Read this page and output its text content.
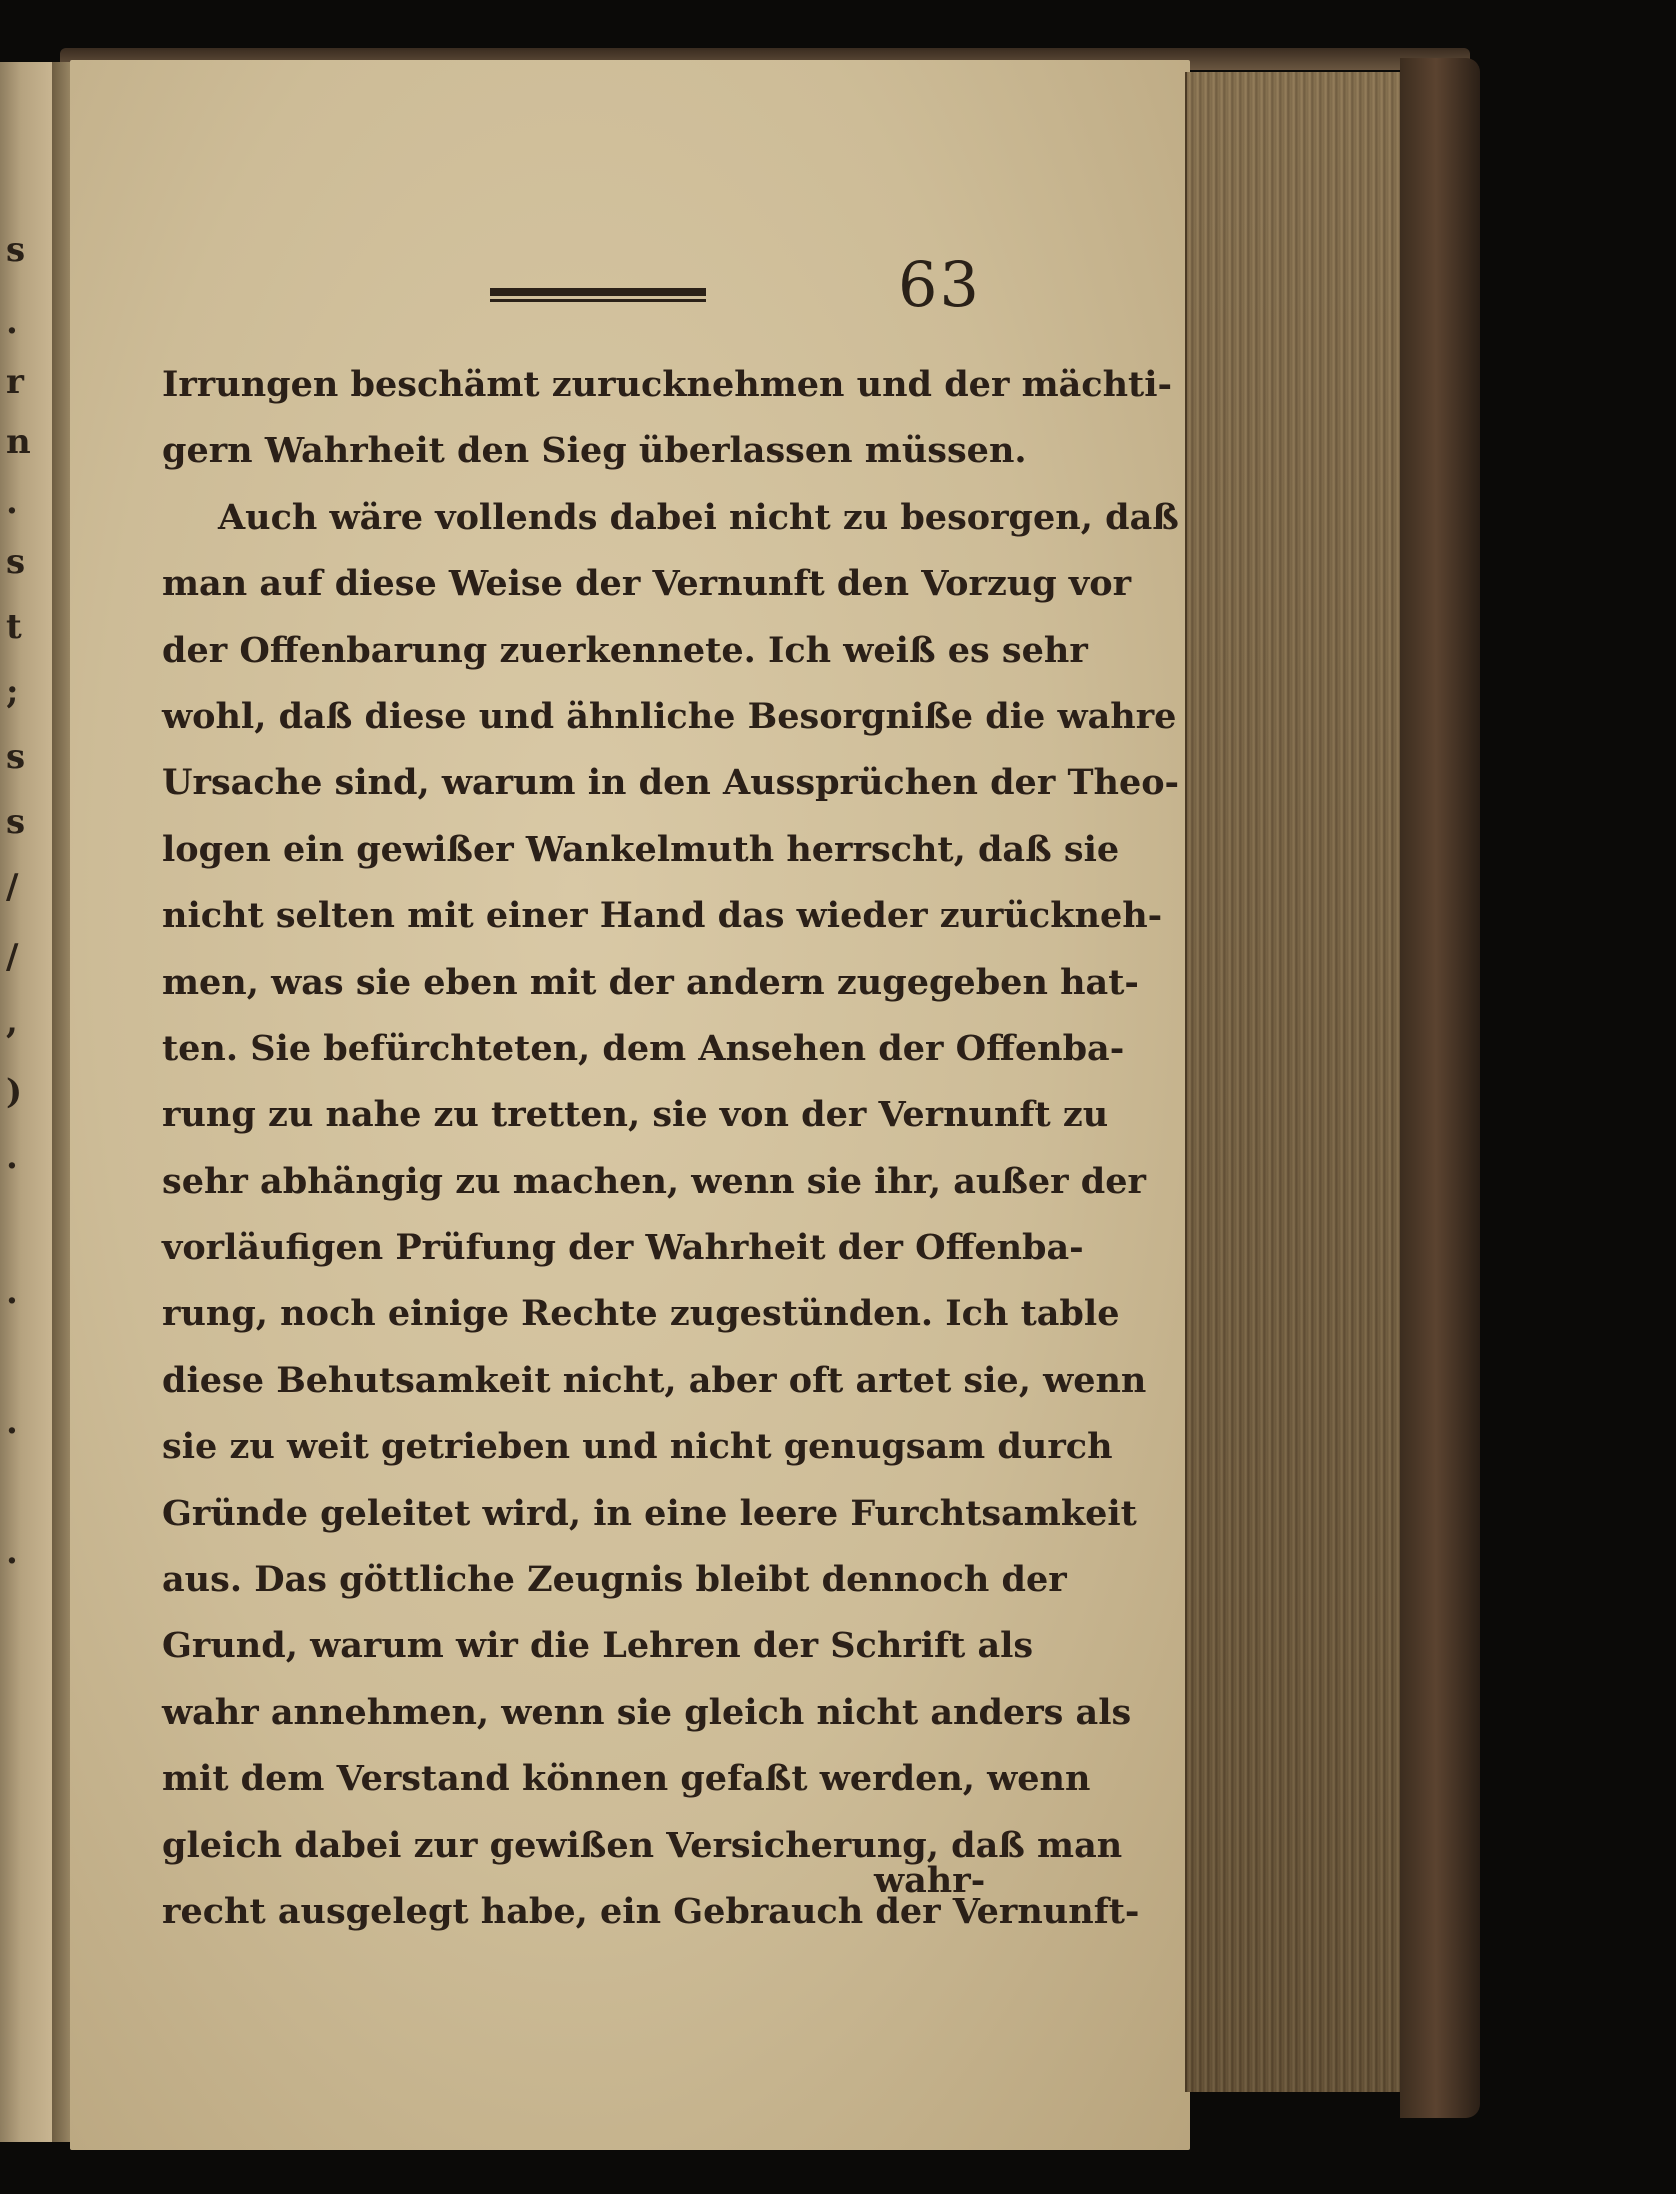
s
.
r
n
.
s
t
;
s
s
/
/
,
)
.
.
.
.
63
Irrungen beschämt zurucknehmen und der mächti-
gern Wahrheit den Sieg überlassen müssen.
Auch wäre vollends dabei nicht zu besorgen, daß
man auf diese Weise der Vernunft den Vorzug vor
der Offenbarung zuerkennete. Ich weiß es sehr
wohl, daß diese und ähnliche Besorgniße die wahre
Ursache sind, warum in den Aussprüchen der Theo-
logen ein gewißer Wankelmuth herrscht, daß sie
nicht selten mit einer Hand das wieder zurückneh-
men, was sie eben mit der andern zugegeben hat-
ten. Sie befürchteten, dem Ansehen der Offenba-
rung zu nahe zu tretten, sie von der Vernunft zu
sehr abhängig zu machen, wenn sie ihr, außer der
vorläufigen Prüfung der Wahrheit der Offenba-
rung, noch einige Rechte zugestünden. Ich table
diese Behutsamkeit nicht, aber oft artet sie, wenn
sie zu weit getrieben und nicht genugsam durch
Gründe geleitet wird, in eine leere Furchtsamkeit
aus. Das göttliche Zeugnis bleibt dennoch der
Grund, warum wir die Lehren der Schrift als
wahr annehmen, wenn sie gleich nicht anders als
mit dem Verstand können gefaßt werden, wenn
gleich dabei zur gewißen Versicherung, daß man
recht ausgelegt habe, ein Gebrauch der Vernunft-
wahr-
